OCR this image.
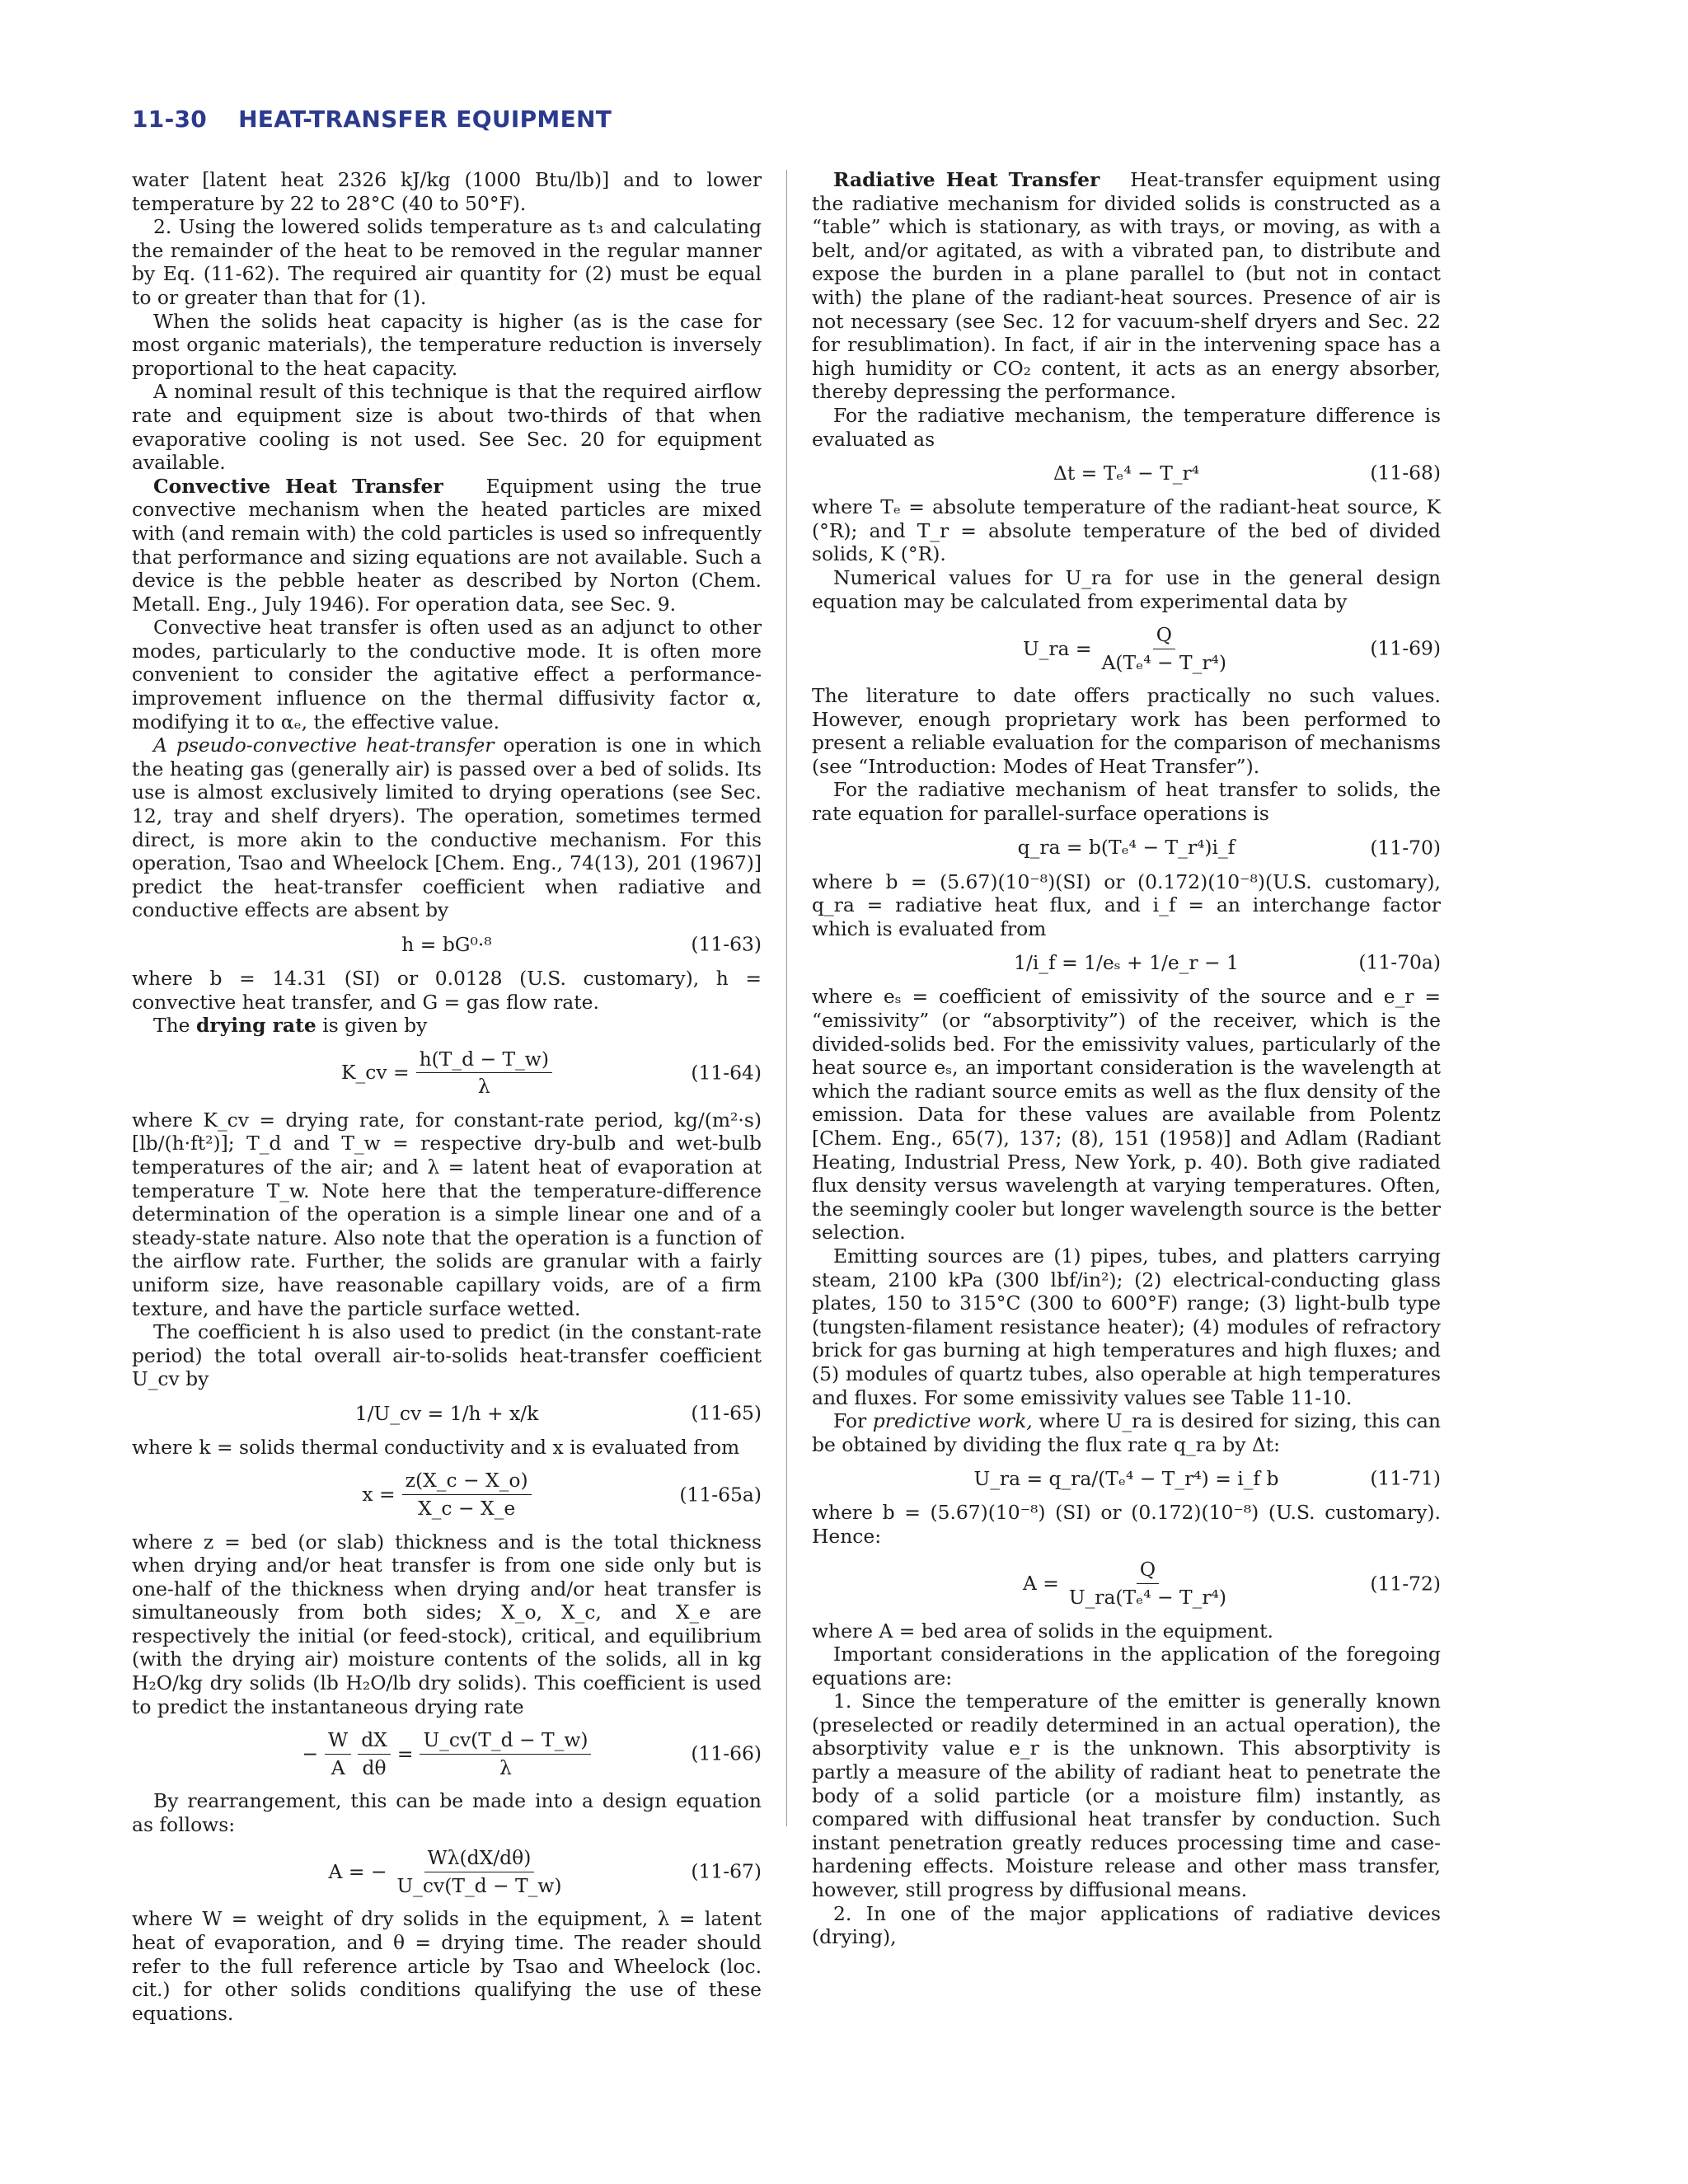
11-30 HEAT-TRANSFER EQUIPMENT

water [latent heat 2326 kJ/kg (1000 Btu/lb)] and to lower temperature by 22 to 28°C (40 to 50°F).

2. Using the lowered solids temperature as t₃ and calculating the remainder of the heat to be removed in the regular manner by Eq. (11-62). The required air quantity for (2) must be equal to or greater than that for (1).

When the solids heat capacity is higher (as is the case for most organic materials), the temperature reduction is inversely proportional to the heat capacity.

A nominal result of this technique is that the required airflow rate and equipment size is about two-thirds of that when evaporative cooling is not used. See Sec. 20 for equipment available.

Convective Heat Transfer Equipment using the true convective mechanism when the heated particles are mixed with (and remain with) the cold particles is used so infrequently that performance and sizing equations are not available. Such a device is the pebble heater as described by Norton (Chem. Metall. Eng., July 1946). For operation data, see Sec. 9.

Convective heat transfer is often used as an adjunct to other modes, particularly to the conductive mode. It is often more convenient to consider the agitative effect a performance-improvement influence on the thermal diffusivity factor α, modifying it to αₑ, the effective value.

A pseudo-convective heat-transfer operation is one in which the heating gas (generally air) is passed over a bed of solids. Its use is almost exclusively limited to drying operations (see Sec. 12, tray and shelf dryers). The operation, sometimes termed direct, is more akin to the conductive mechanism. For this operation, Tsao and Wheelock [Chem. Eng., 74(13), 201 (1967)] predict the heat-transfer coefficient when radiative and conductive effects are absent by

h = bG⁰·⁸	(11-63)

where b = 14.31 (SI) or 0.0128 (U.S. customary), h = convective heat transfer, and G = gas flow rate.

The drying rate is given by

K_cv = $\frac{h(T\_d - T\_w)}{\lambda}$	(11-64)

where K_cv = drying rate, for constant-rate period, kg/(m²·s) [lb/(h·ft²)]; T_d and T_w = respective dry-bulb and wet-bulb temperatures of the air; and λ = latent heat of evaporation at temperature T_w. Note here that the temperature-difference determination of the operation is a simple linear one and of a steady-state nature. Also note that the operation is a function of the airflow rate. Further, the solids are granular with a fairly uniform size, have reasonable capillary voids, are of a firm texture, and have the particle surface wetted.

The coefficient h is also used to predict (in the constant-rate period) the total overall air-to-solids heat-transfer coefficient U_cv by

1/U_cv = 1/h + x/k	(11-65)

where k = solids thermal conductivity and x is evaluated from

$x = \frac{z(X\_c - X\_o)}{X\_c - X\_e}$	(11-65a)

where z = bed (or slab) thickness and is the total thickness when drying and/or heat transfer is from one side only but is one-half of the thickness when drying and/or heat transfer is simultaneously from both sides; X_o, X_c, and X_e are respectively the initial (or feed-stock), critical, and equilibrium (with the drying air) moisture contents of the solids, all in kg H₂O/kg dry solids (lb H₂O/lb dry solids). This coefficient is used to predict the instantaneous drying rate

− $\frac{W}{A} \frac{dX}{d\theta} = \frac{U\_cv(T\_d - T\_w)}{\lambda}$	(11-66)

By rearrangement, this can be made into a design equation as follows:

A = − $\frac{W\lambda(dX/d\theta)}{U\_cv(T\_d - T\_w)}$	(11-67)

where W = weight of dry solids in the equipment, λ = latent heat of evaporation, and θ = drying time. The reader should refer to the full reference article by Tsao and Wheelock (loc. cit.) for other solids conditions qualifying the use of these equations.

Radiative Heat Transfer Heat-transfer equipment using the radiative mechanism for divided solids is constructed as a “table” which is stationary, as with trays, or moving, as with a belt, and/or agitated, as with a vibrated pan, to distribute and expose the burden in a plane parallel to (but not in contact with) the plane of the radiant-heat sources. Presence of air is not necessary (see Sec. 12 for vacuum-shelf dryers and Sec. 22 for resublimation). In fact, if air in the intervening space has a high humidity or CO₂ content, it acts as an energy absorber, thereby depressing the performance.

For the radiative mechanism, the temperature difference is evaluated as

Δt = Tₑ⁴ − T_r⁴	(11-68)

where Tₑ = absolute temperature of the radiant-heat source, K (°R); and T_r = absolute temperature of the bed of divided solids, K (°R).

Numerical values for U_ra for use in the general design equation may be calculated from experimental data by

U_ra = $\frac{Q}{\text{A(Tₑ⁴ − T\_r⁴)}}$	(11-69)

The literature to date offers practically no such values. However, enough proprietary work has been performed to present a reliable evaluation for the comparison of mechanisms (see “Introduction: Modes of Heat Transfer”).

For the radiative mechanism of heat transfer to solids, the rate equation for parallel-surface operations is

q_ra = b(Tₑ⁴ − T_r⁴)i_f	(11-70)

where b = (5.67)(10⁻⁸)(SI) or (0.172)(10⁻⁸)(U.S. customary), q_ra = radiative heat flux, and i_f = an interchange factor which is evaluated from

1/i_f = 1/eₛ + 1/e_r − 1	(11-70a)

where eₛ = coefficient of emissivity of the source and e_r = “emissivity” (or “absorptivity”) of the receiver, which is the divided-solids bed. For the emissivity values, particularly of the heat source eₛ, an important consideration is the wavelength at which the radiant source emits as well as the flux density of the emission. Data for these values are available from Polentz [Chem. Eng., 65(7), 137; (8), 151 (1958)] and Adlam (Radiant Heating, Industrial Press, New York, p. 40). Both give radiated flux density versus wavelength at varying temperatures. Often, the seemingly cooler but longer wavelength source is the better selection.

Emitting sources are (1) pipes, tubes, and platters carrying steam, 2100 kPa (300 lbf/in²); (2) electrical-conducting glass plates, 150 to 315°C (300 to 600°F) range; (3) light-bulb type (tungsten-filament resistance heater); (4) modules of refractory brick for gas burning at high temperatures and high fluxes; and (5) modules of quartz tubes, also operable at high temperatures and fluxes. For some emissivity values see Table 11-10.

For predictive work, where U_ra is desired for sizing, this can be obtained by dividing the flux rate q_ra by Δt:

U_ra = q_ra/(Tₑ⁴ − T_r⁴) = i_f b	(11-71)

where b = (5.67)(10⁻⁸) (SI) or (0.172)(10⁻⁸) (U.S. customary). Hence:

$A = \frac{Q}{\text{U\_ra(Tₑ⁴ − T\_r⁴)}}$	(11-72)

where A = bed area of solids in the equipment.

Important considerations in the application of the foregoing equations are:

1. Since the temperature of the emitter is generally known (preselected or readily determined in an actual operation), the absorptivity value e_r is the unknown. This absorptivity is partly a measure of the ability of radiant heat to penetrate the body of a solid particle (or a moisture film) instantly, as compared with diffusional heat transfer by conduction. Such instant penetration greatly reduces processing time and case-hardening effects. Moisture release and other mass transfer, however, still progress by diffusional means.

2. In one of the major applications of radiative devices (drying),
